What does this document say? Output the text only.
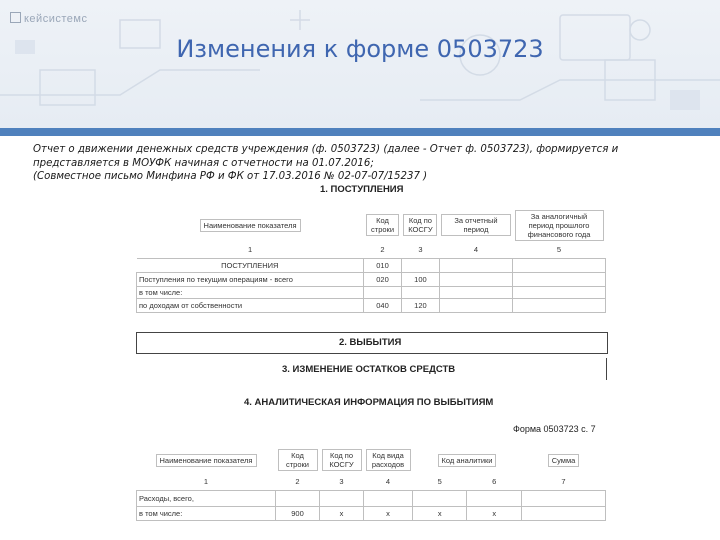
кейсистемс
Изменения к форме 0503723
Отчет о движении денежных средств учреждения (ф. 0503723) (далее - Отчет ф. 0503723), формируется и
представляется в МОУФК начиная с отчетности на 01.07.2016;
(Совместное письмо Минфина РФ и ФК от 17.03.2016 № 02-07-07/15237 )
1. ПОСТУПЛЕНИЯ
Наименование показателя	Код строки	Код по КОСГУ	За отчетный период	За аналогичный период прошлого финансового года
1	2	3	4	5
ПОСТУПЛЕНИЯ	010			
Поступления по текущим операциям - всего	020	100		
в том числе:				
по доходам от собственности	040	120		
2. ВЫБЫТИЯ
3. ИЗМЕНЕНИЕ ОСТАТКОВ СРЕДСТВ
4. АНАЛИТИЧЕСКАЯ ИНФОРМАЦИЯ ПО ВЫБЫТИЯМ
Форма 0503723 с. 7
Наименование показателя	Код строки	Код по КОСГУ	Код вида расходов	Код аналитики		Сумма
1	2	3	4	5	6	7
Расходы, всего,						
в том числе:	900	х	х	х	х	
